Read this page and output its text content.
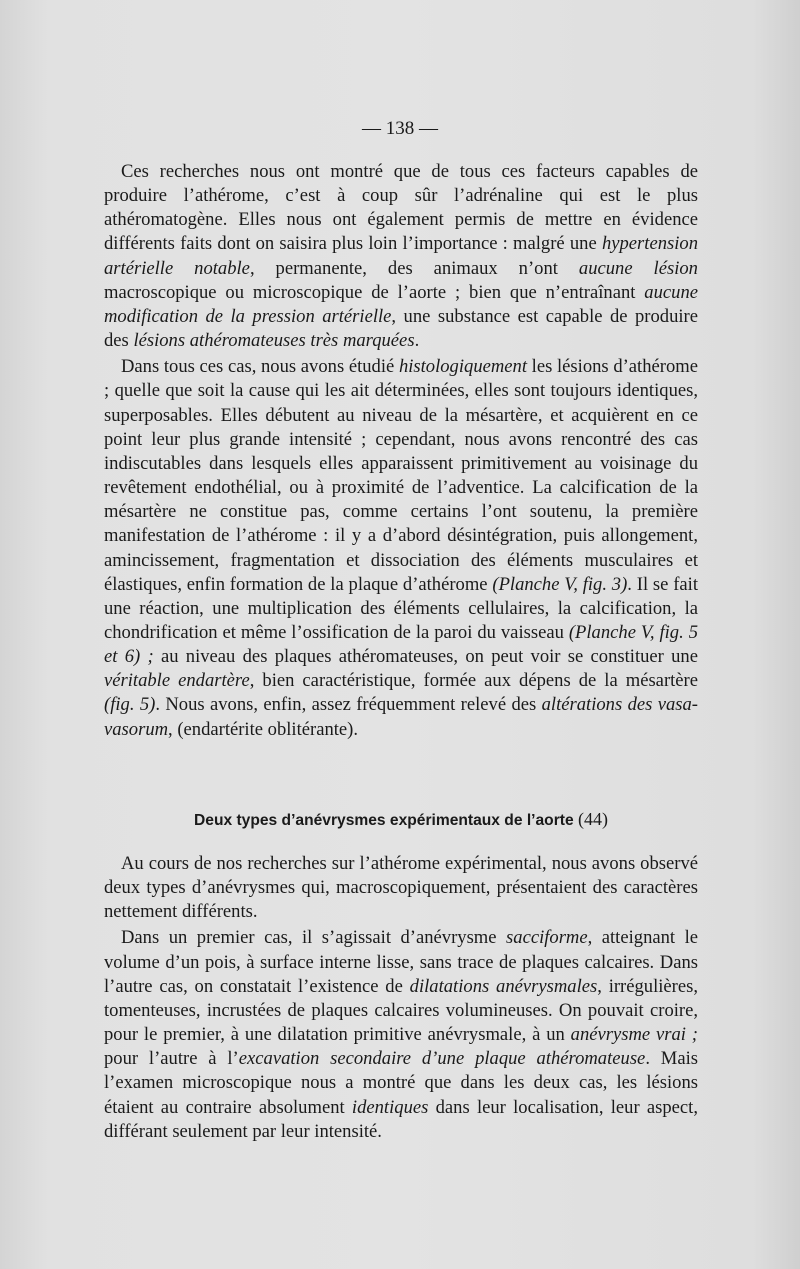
— 138 —

Ces recherches nous ont montré que de tous ces facteurs capables de produire l’athérome, c’est à coup sûr l’adrénaline qui est le plus athéromatogène. Elles nous ont également permis de mettre en évidence différents faits dont on saisira plus loin l’importance : malgré une hypertension artérielle notable, permanente, des animaux n’ont aucune lésion macroscopique ou microscopique de l’aorte ; bien que n’entraînant aucune modification de la pression artérielle, une substance est capable de produire des lésions athéromateuses très marquées.

Dans tous ces cas, nous avons étudié histologiquement les lésions d’athérome ; quelle que soit la cause qui les ait déterminées, elles sont toujours identiques, superposables. Elles débutent au niveau de la mésartère, et acquièrent en ce point leur plus grande intensité ; cependant, nous avons rencontré des cas indiscutables dans lesquels elles apparaissent primitivement au voisinage du revêtement endothélial, ou à proximité de l’adventice. La calcification de la mésartère ne constitue pas, comme certains l’ont soutenu, la première manifestation de l’athérome : il y a d’abord désintégration, puis allongement, amincissement, fragmentation et dissociation des éléments musculaires et élastiques, enfin formation de la plaque d’athérome (Planche V, fig. 3). Il se fait une réaction, une multiplication des éléments cellulaires, la calcification, la chondrification et même l’ossification de la paroi du vaisseau (Planche V, fig. 5 et 6) ; au niveau des plaques athéromateuses, on peut voir se constituer une véritable endartère, bien caractéristique, formée aux dépens de la mésartère (fig. 5). Nous avons, enfin, assez fréquemment relevé des altérations des vasa-vasorum, (endartérite oblitérante).

Deux types d’anévrysmes expérimentaux de l’aorte (44)

Au cours de nos recherches sur l’athérome expérimental, nous avons observé deux types d’anévrysmes qui, macroscopiquement, présentaient des caractères nettement différents.

Dans un premier cas, il s’agissait d’anévrysme sacciforme, atteignant le volume d’un pois, à surface interne lisse, sans trace de plaques calcaires. Dans l’autre cas, on constatait l’existence de dilatations anévrysmales, irrégulières, tomenteuses, incrustées de plaques calcaires volumineuses. On pouvait croire, pour le premier, à une dilatation primitive anévrysmale, à un anévrysme vrai ; pour l’autre à l’excavation secondaire d’une plaque athéromateuse. Mais l’examen microscopique nous a montré que dans les deux cas, les lésions étaient au contraire absolument identiques dans leur localisation, leur aspect, différant seulement par leur intensité.
